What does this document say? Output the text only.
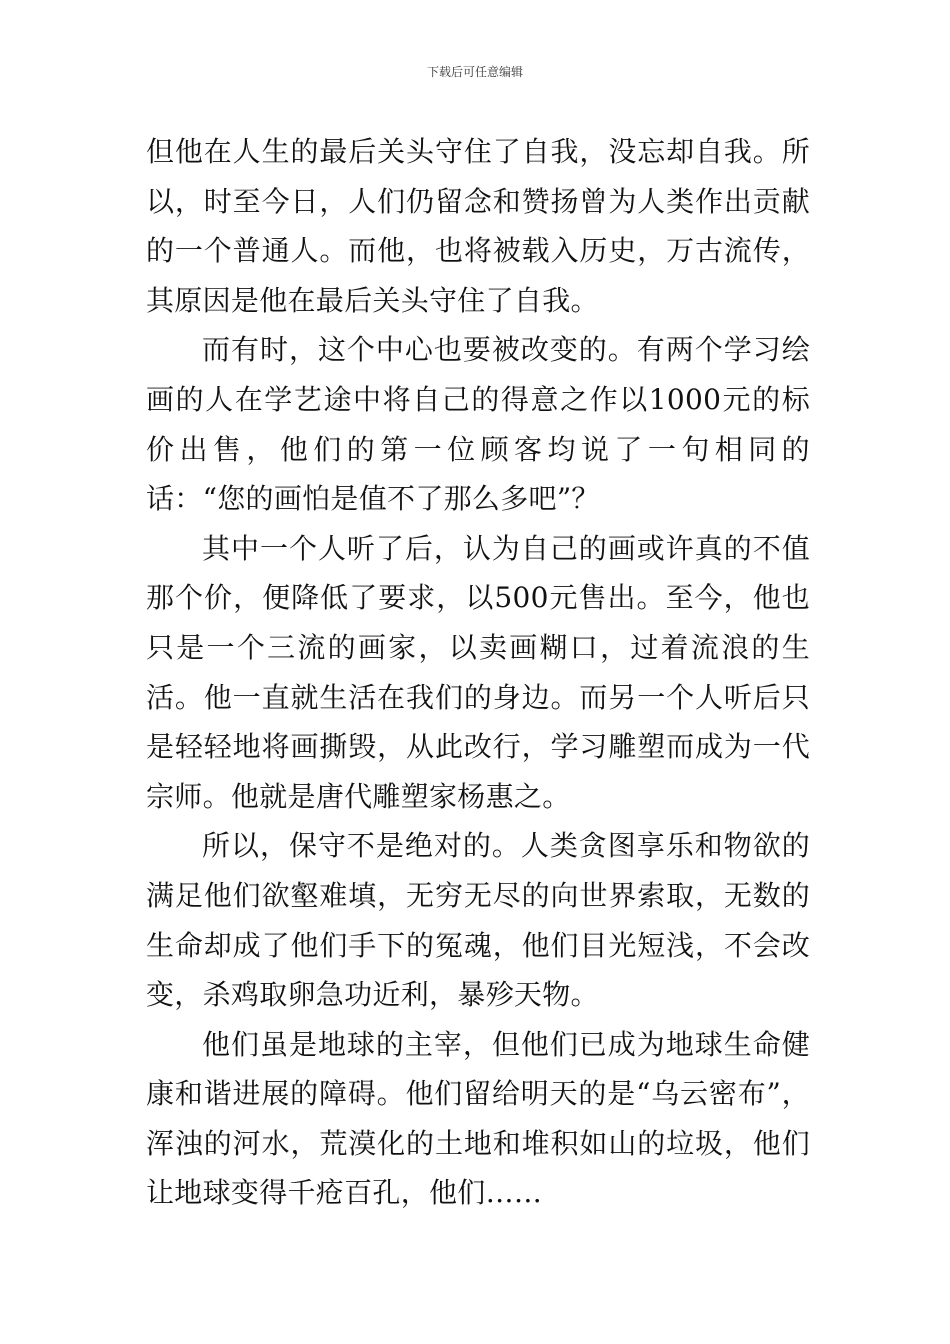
下载后可任意编辑

但他在人生的最后关头守住了自我，没忘却自我。所以，时至今日，人们仍留念和赞扬曾为人类作出贡献的一个普通人。而他，也将被载入历史，万古流传，其原因是他在最后关头守住了自我。

而有时，这个中心也要被改变的。有两个学习绘画的人在学艺途中将自己的得意之作以1000元的标价出售，他们的第一位顾客均说了一句相同的话：“您的画怕是值不了那么多吧”？

其中一个人听了后，认为自己的画或许真的不值那个价，便降低了要求，以500元售出。至今，他也只是一个三流的画家，以卖画糊口，过着流浪的生活。他一直就生活在我们的身边。而另一个人听后只是轻轻地将画撕毁，从此改行，学习雕塑而成为一代宗师。他就是唐代雕塑家杨惠之。

所以，保守不是绝对的。人类贪图享乐和物欲的满足他们欲壑难填，无穷无尽的向世界索取，无数的生命却成了他们手下的冤魂，他们目光短浅，不会改变，杀鸡取卵急功近利，暴殄天物。

他们虽是地球的主宰，但他们已成为地球生命健康和谐进展的障碍。他们留给明天的是“乌云密布”，浑浊的河水，荒漠化的土地和堆积如山的垃圾，他们让地球变得千疮百孔，他们……
